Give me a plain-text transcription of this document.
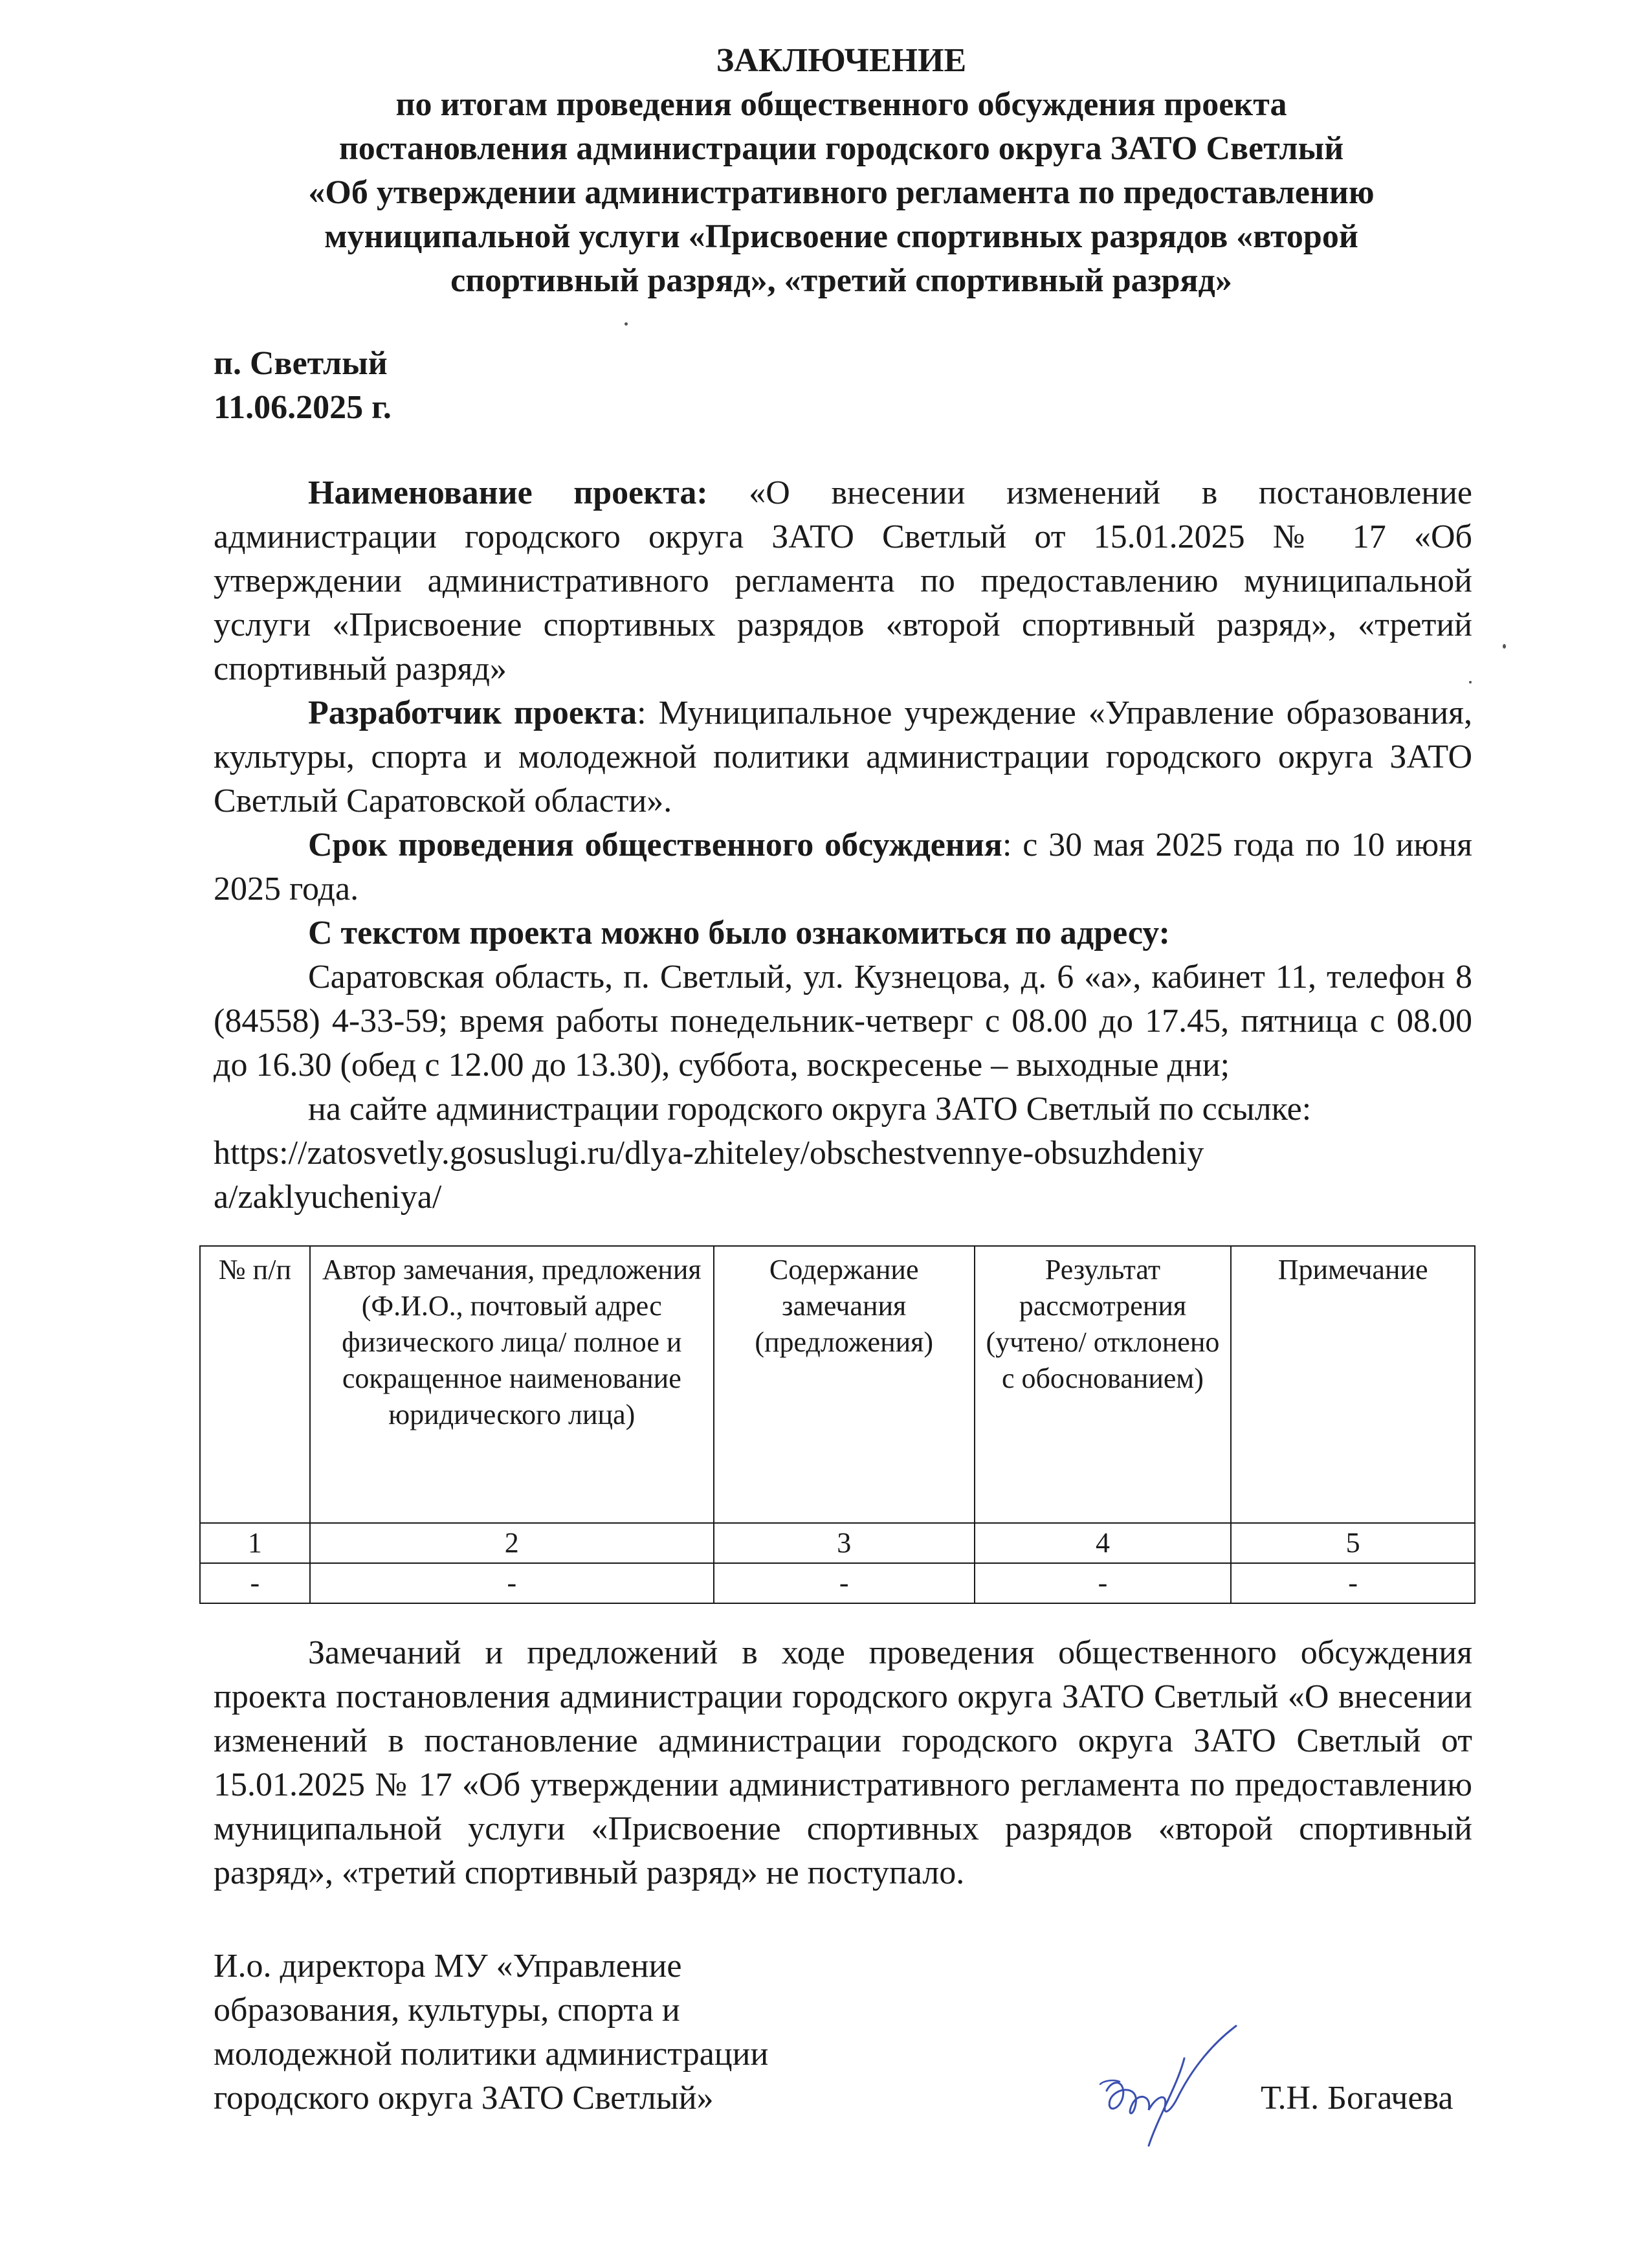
ЗАКЛЮЧЕНИЕ
по итогам проведения общественного обсуждения проекта
постановления администрации городского округа ЗАТО Светлый
«Об утверждении административного регламента по предоставлению
муниципальной услуги «Присвоение спортивных разрядов «второй
спортивный разряд», «третий спортивный разряд»
п. Светлый
11.06.2025 г.

Наименование проекта: «О внесении изменений в постановление администрации городского округа ЗАТО Светлый от 15.01.2025 № 17 «Об утверждении административного регламента по предоставлению муниципальной услуги «Присвоение спортивных разрядов «второй спортивный разряд», «третий спортивный разряд»

Разработчик проекта: Муниципальное учреждение «Управление образования, культуры, спорта и молодежной политики администрации городского округа ЗАТО Светлый Саратовской области».

Срок проведения общественного обсуждения: с 30 мая 2025 года по 10 июня 2025 года.

С текстом проекта можно было ознакомиться по адресу:

Саратовская область, п. Светлый, ул. Кузнецова, д. 6 «а», кабинет 11, телефон 8 (84558) 4-33-59; время работы понедельник-четверг с 08.00 до 17.45, пятница с 08.00 до 16.30 (обед с 12.00 до 13.30), суббота, воскресенье – выходные дни;

на сайте администрации городского округа ЗАТО Светлый по ссылке:

https://zatosvetly.gosuslugi.ru/dlya-zhiteley/obschestvennye-obsuzhdeniya/zaklyucheniya/
№ п/п	Автор замечания, предложения (Ф.И.О., почтовый адрес физического лица/ полное и сокращенное наименование юридического лица)	Содержание замечания (предложения)	Результат рассмотрения (учтено/ отклонено с обоснованием)	Примечание
1	2	3	4	5
-	-	-	-	-

Замечаний и предложений в ходе проведения общественного обсуждения проекта постановления администрации городского округа ЗАТО Светлый «О внесении изменений в постановление администрации городского округа ЗАТО Светлый от 15.01.2025 № 17 «Об утверждении административного регламента по предоставлению муниципальной услуги «Присвоение спортивных разрядов «второй спортивный разряд», «третий спортивный разряд» не поступало.

И.о. директора МУ «Управление
образования, культуры, спорта и
молодежной политики администрации
городского округа ЗАТО Светлый»	Т.Н. Богачева
